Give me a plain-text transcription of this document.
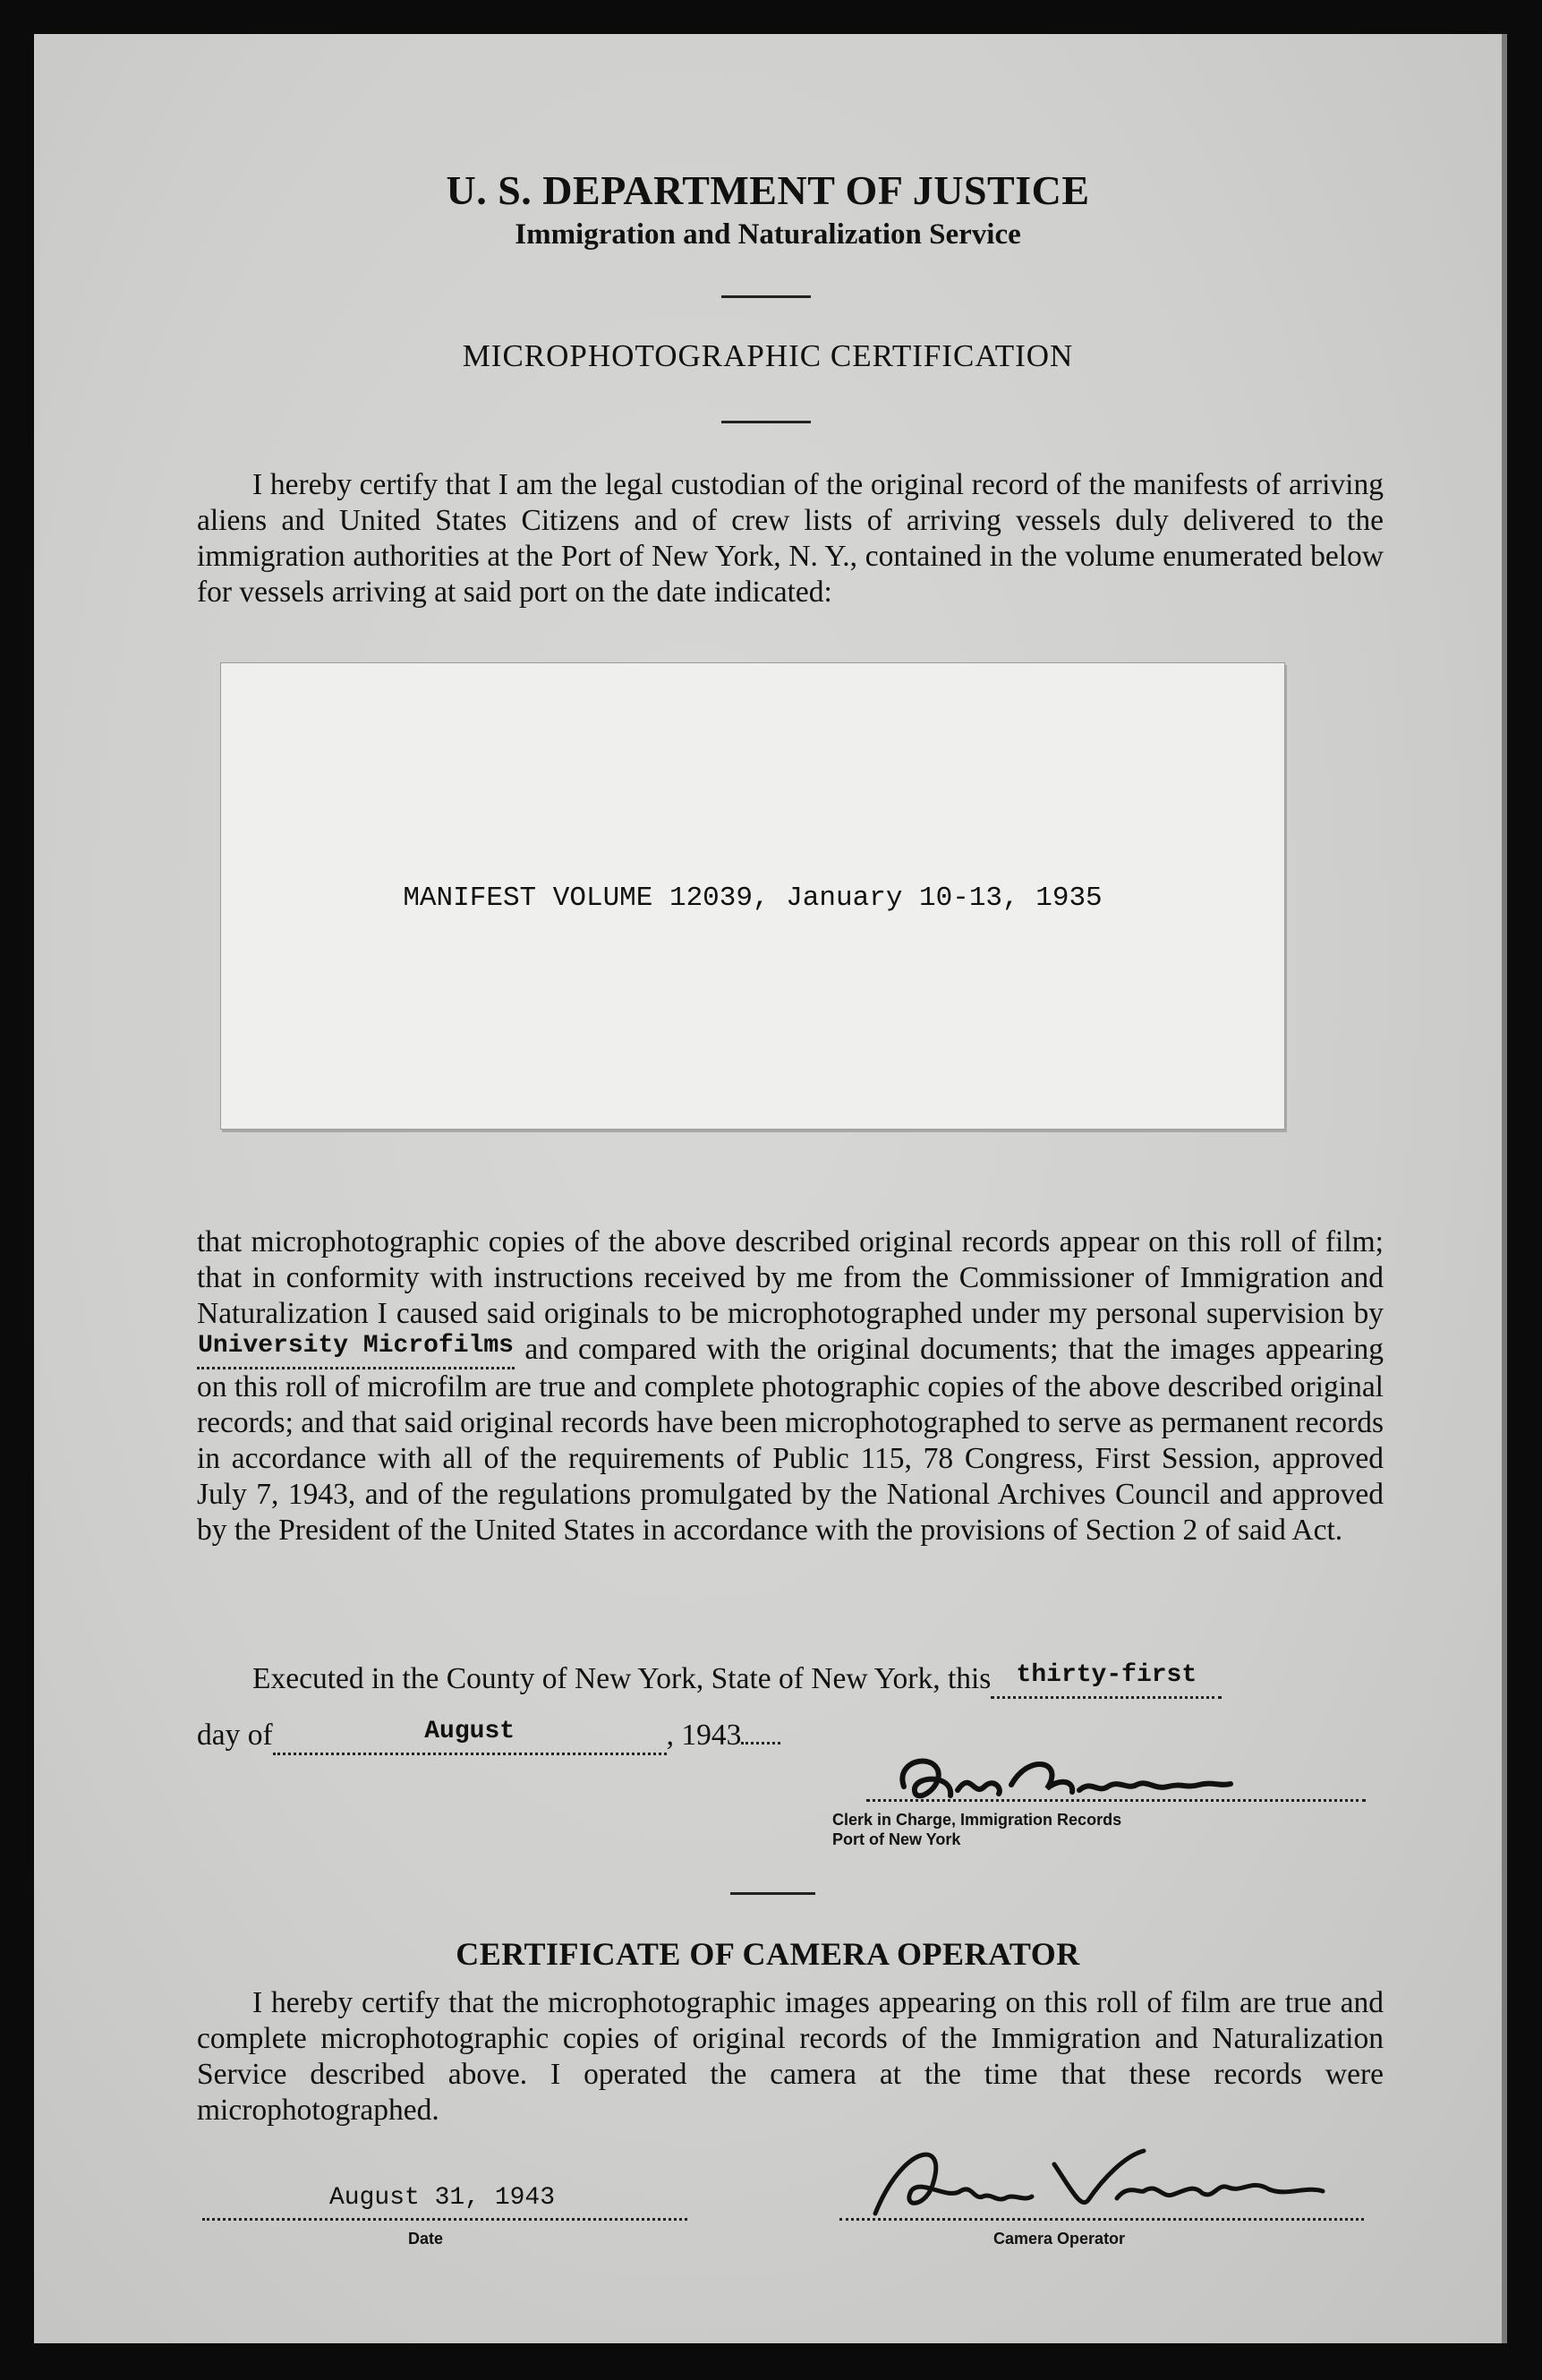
U. S. DEPARTMENT OF JUSTICE
Immigration and Naturalization Service
MICROPHOTOGRAPHIC CERTIFICATION
I hereby certify that I am the legal custodian of the original record of the manifests of arriving aliens and United States Citizens and of crew lists of arriving vessels duly delivered to the immigration authorities at the Port of New York, N. Y., contained in the volume enumerated below for vessels arriving at said port on the date indicated:
MANIFEST VOLUME 12039, January 10-13, 1935
that microphotographic copies of the above described original records appear on this roll of film; that in conformity with instructions received by me from the Commissioner of Immigration and Naturalization I caused said originals to be microphotographed under my personal supervision by $^{University Microfilms}$ and compared with the original documents; that the images appearing on this roll of microfilm are true and complete photographic copies of the above described original records; and that said original records have been microphotographed to serve as permanent records in accordance with all of the requirements of Public 115, 78 Congress, First Session, approved July 7, 1943, and of the regulations promulgated by the National Archives Council and approved by the President of the United States in accordance with the provisions of Section 2 of said Act.
Executed in the County of New York, State of New York, this $^{thirty-first}$
day of	$^{August}$	, 1943
Clerk in Charge, Immigration Records
Port of New York
CERTIFICATE OF CAMERA OPERATOR
I hereby certify that the microphotographic images appearing on this roll of film are true and complete microphotographic copies of original records of the Immigration and Naturalization Service described above. I operated the camera at the time that these records were microphotographed.
August 31, 1943
Date	Camera Operator
